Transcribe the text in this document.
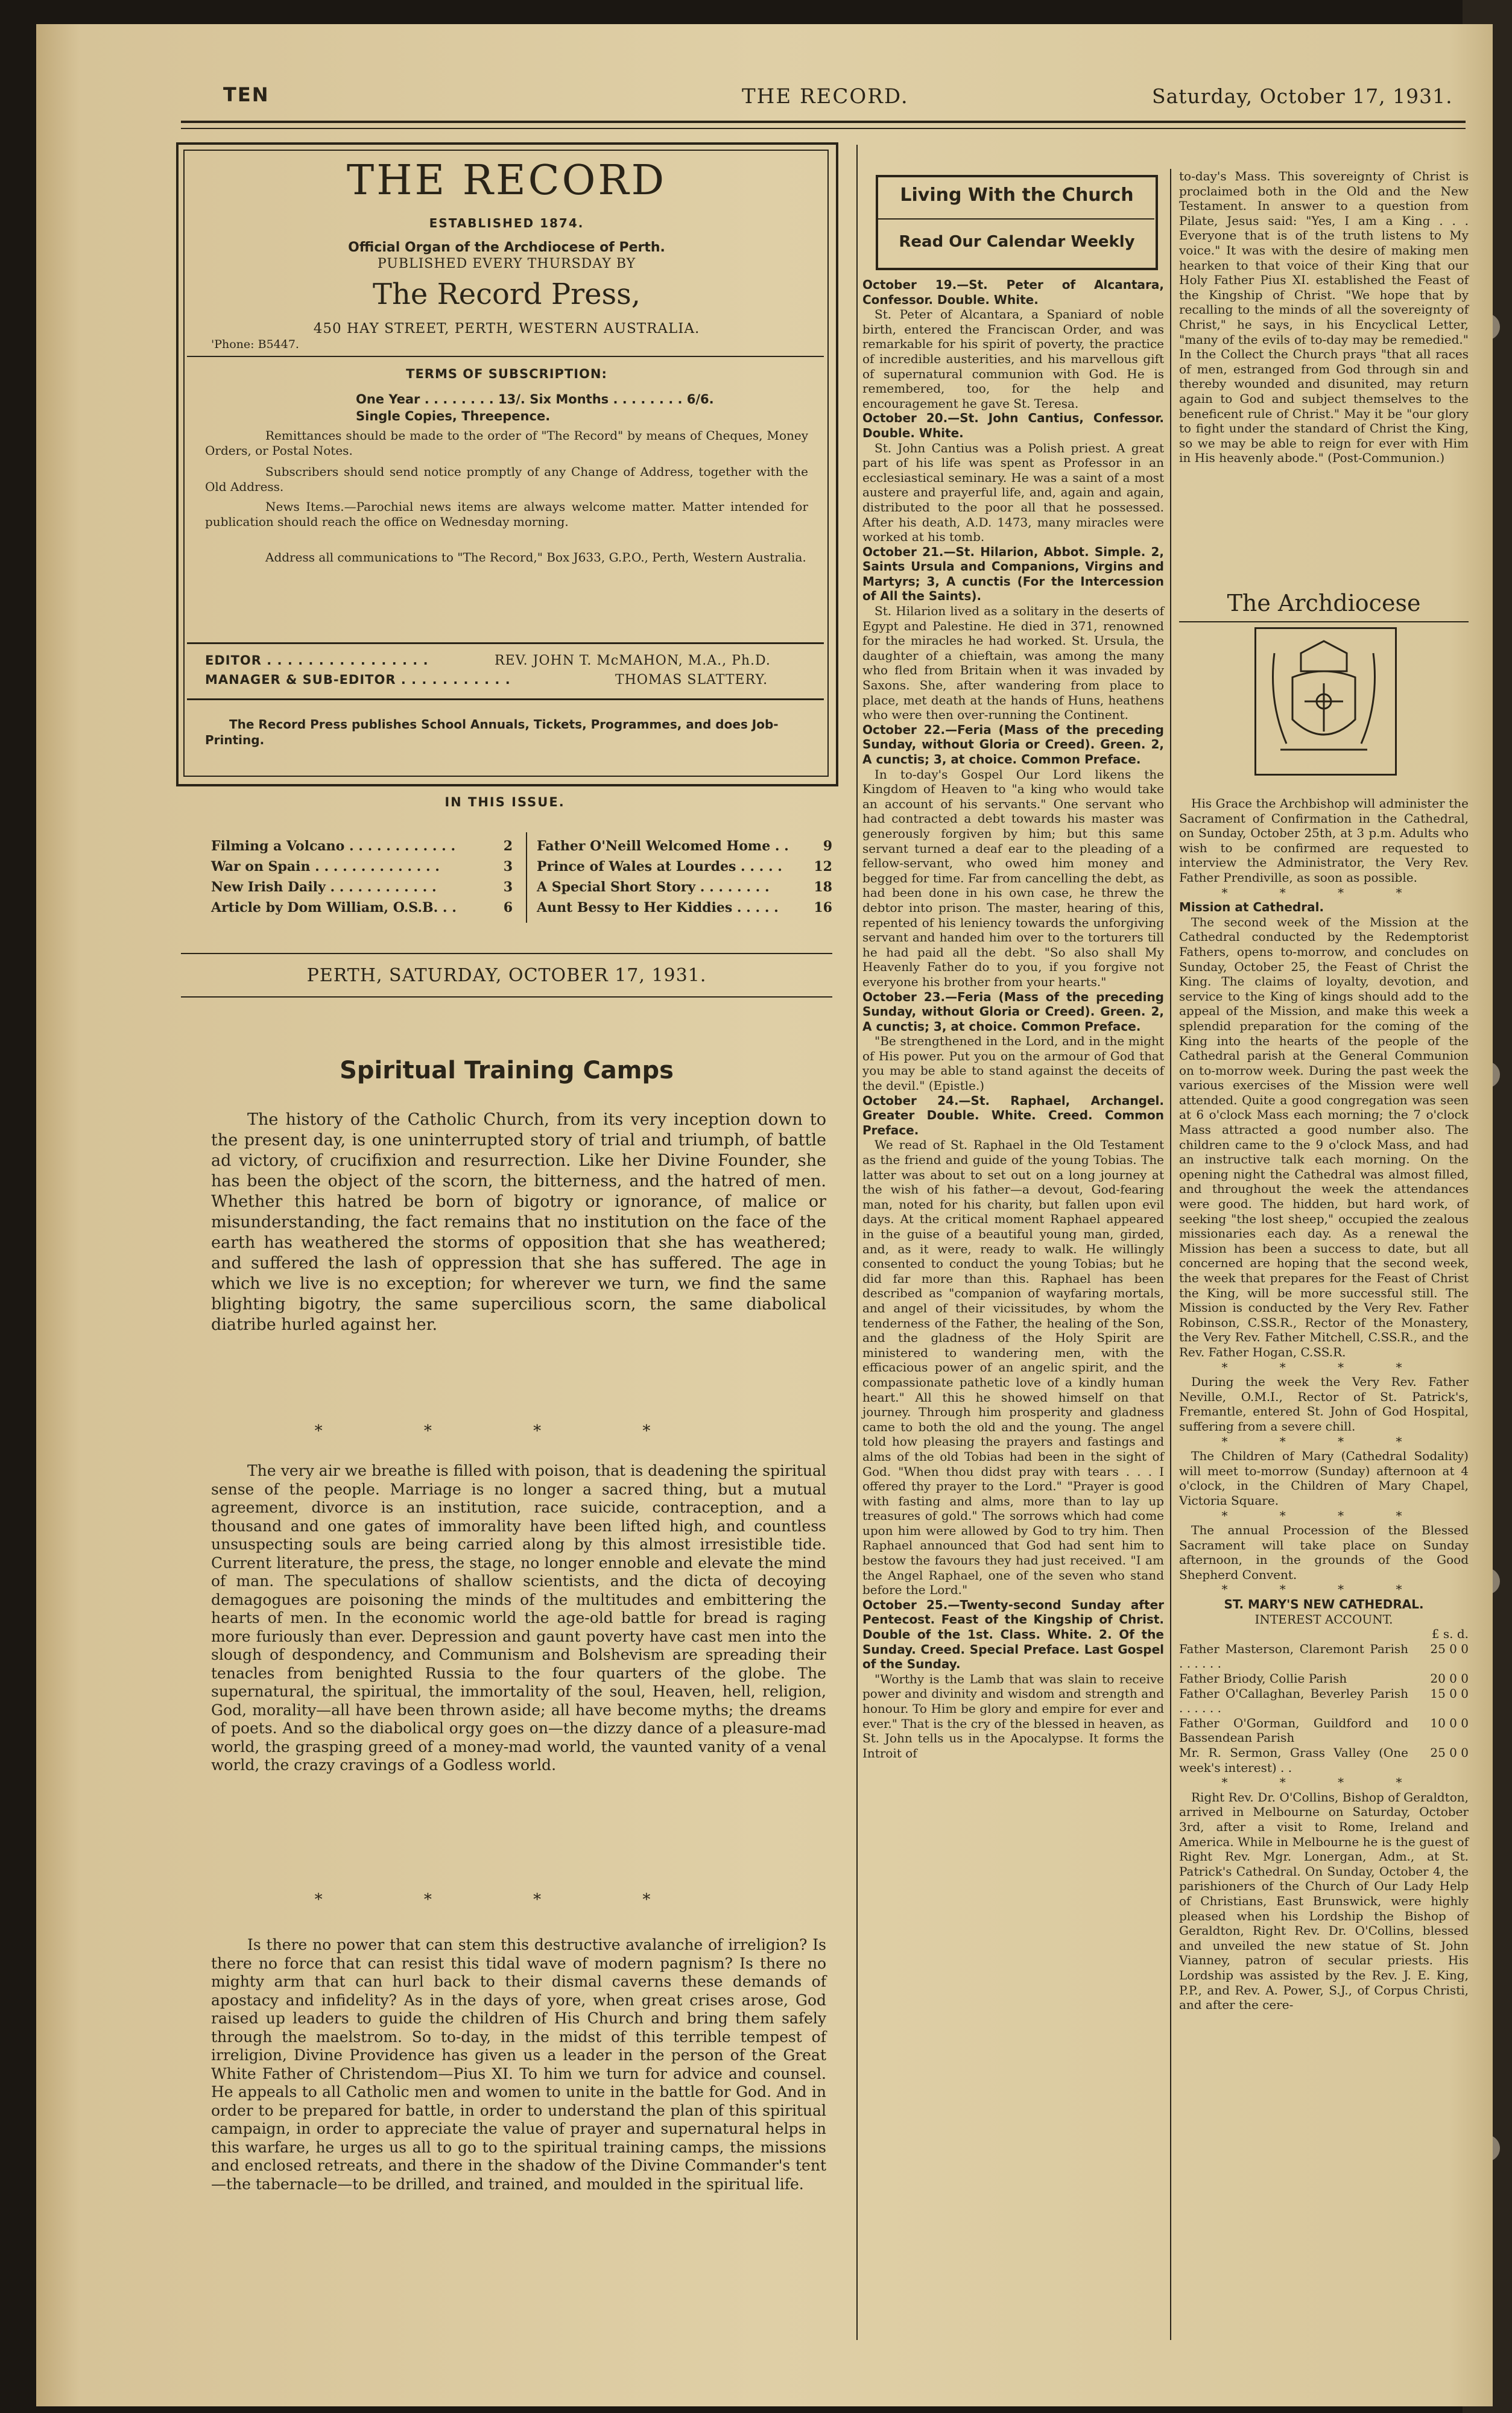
TEN	THE RECORD.	Saturday, October 17, 1931.
THE RECORD
ESTABLISHED 1874.
Official Organ of the Archdiocese of Perth.
PUBLISHED EVERY THURSDAY BY
The Record Press,
450 HAY STREET, PERTH, WESTERN AUSTRALIA.
'Phone: B5447.
TERMS OF SUBSCRIPTION:
One Year . . . . . . . . 13/. Six Months . . . . . . . . 6/6.
Single Copies, Threepence.
Remittances should be made to the order of "The Record" by means of Cheques, Money Orders, or Postal Notes.
Subscribers should send notice promptly of any Change of Address, together with the Old Address.
News Items.—Parochial news items are always welcome matter. Matter intended for publication should reach the office on Wednesday morning.
Address all communications to "The Record," Box J633, G.P.O., Perth, Western Australia.
EDITOR . . . . . . . . . . . . . . . .	REV. JOHN T. McMAHON, M.A., Ph.D.
MANAGER & SUB-EDITOR . . . . . . . . . . .	THOMAS SLATTERY.
The Record Press publishes School Annuals, Tickets, Programmes, and does Job-Printing.
IN THIS ISSUE.
Filming a Volcano . . . . . . . . . . . .	2
War on Spain . . . . . . . . . . . . . .	3
New Irish Daily . . . . . . . . . . . .	3
Article by Dom William, O.S.B. . .	6
Father O'Neill Welcomed Home . .	9
Prince of Wales at Lourdes . . . . . 12
A Special Short Story . . . . . . . .	18
Aunt Bessy to Her Kiddies . . . . .	16
PERTH, SATURDAY, OCTOBER 17, 1931.
Spiritual Training Camps
The history of the Catholic Church, from its very inception down to the present day, is one uninterrupted story of trial and triumph, of battle ad victory, of crucifixion and resurrection. Like her Divine Founder, she has been the object of the scorn, the bitterness, and the hatred of men. Whether this hatred be born of bigotry or ignorance, of malice or misunderstanding, the fact remains that no institution on the face of the earth has weathered the storms of opposition that she has weathered; and suffered the lash of oppression that she has suffered. The age in which we live is no exception; for wherever we turn, we find the same blighting bigotry, the same supercilious scorn, the same diabolical diatribe hurled against her.
* * * *
The very air we breathe is filled with poison, that is deadening the spiritual sense of the people. Marriage is no longer a sacred thing, but a mutual agreement, divorce is an institution, race suicide, contraception, and a thousand and one gates of immorality have been lifted high, and countless unsuspecting souls are being carried along by this almost irresistible tide. Current literature, the press, the stage, no longer ennoble and elevate the mind of man. The speculations of shallow scientists, and the dicta of decoying demagogues are poisoning the minds of the multitudes and embittering the hearts of men. In the economic world the age-old battle for bread is raging more furiously than ever. Depression and gaunt poverty have cast men into the slough of despondency, and Communism and Bolshevism are spreading their tenacles from benighted Russia to the four quarters of the globe. The supernatural, the spiritual, the immortality of the soul, Heaven, hell, religion, God, morality—all have been thrown aside; all have become myths; the dreams of poets. And so the diabolical orgy goes on—the dizzy dance of a pleasure-mad world, the grasping greed of a money-mad world, the vaunted vanity of a venal world, the crazy cravings of a Godless world.
* * * *
Is there no power that can stem this destructive avalanche of irreligion? Is there no force that can resist this tidal wave of modern pagnism? Is there no mighty arm that can hurl back to their dismal caverns these demands of apostacy and infidelity? As in the days of yore, when great crises arose, God raised up leaders to guide the children of His Church and bring them safely through the maelstrom. So to-day, in the midst of this terrible tempest of irreligion, Divine Providence has given us a leader in the person of the Great White Father of Christendom—Pius XI. To him we turn for advice and counsel. He appeals to all Catholic men and women to unite in the battle for God. And in order to be prepared for battle, in order to understand the plan of this spiritual campaign, in order to appreciate the value of prayer and supernatural helps in this warfare, he urges us all to go to the spiritual training camps, the missions and enclosed retreats, and there in the shadow of the Divine Commander's tent—the tabernacle—to be drilled, and trained, and moulded in the spiritual life.
Living With the Church
Read Our Calendar Weekly

October 19.—St. Peter of Alcantara, Confessor. Double. White.

St. Peter of Alcantara, a Spaniard of noble birth, entered the Franciscan Order, and was remarkable for his spirit of poverty, the practice of incredible austerities, and his marvellous gift of supernatural communion with God. He is remembered, too, for the help and encouragement he gave St. Teresa.

October 20.—St. John Cantius, Confessor. Double. White.

St. John Cantius was a Polish priest. A great part of his life was spent as Professor in an ecclesiastical seminary. He was a saint of a most austere and prayerful life, and, again and again, distributed to the poor all that he possessed. After his death, A.D. 1473, many miracles were worked at his tomb.

October 21.—St. Hilarion, Abbot. Simple. 2, Saints Ursula and Companions, Virgins and Martyrs; 3, A cunctis (For the Intercession of All the Saints).

St. Hilarion lived as a solitary in the deserts of Egypt and Palestine. He died in 371, renowned for the miracles he had worked. St. Ursula, the daughter of a chieftain, was among the many who fled from Britain when it was invaded by Saxons. She, after wandering from place to place, met death at the hands of Huns, heathens who were then over-running the Continent.

October 22.—Feria (Mass of the preceding Sunday, without Gloria or Creed). Green. 2, A cunctis; 3, at choice. Common Preface.

In to-day's Gospel Our Lord likens the Kingdom of Heaven to "a king who would take an account of his servants." One servant who had contracted a debt towards his master was generously forgiven by him; but this same servant turned a deaf ear to the pleading of a fellow-servant, who owed him money and begged for time. Far from cancelling the debt, as had been done in his own case, he threw the debtor into prison. The master, hearing of this, repented of his leniency towards the unforgiving servant and handed him over to the torturers till he had paid all the debt. "So also shall My Heavenly Father do to you, if you forgive not everyone his brother from your hearts."

October 23.—Feria (Mass of the preceding Sunday, without Gloria or Creed). Green. 2, A cunctis; 3, at choice. Common Preface.

"Be strengthened in the Lord, and in the might of His power. Put you on the armour of God that you may be able to stand against the deceits of the devil." (Epistle.)

October 24.—St. Raphael, Archangel. Greater Double. White. Creed. Common Preface.

We read of St. Raphael in the Old Testament as the friend and guide of the young Tobias. The latter was about to set out on a long journey at the wish of his father—a devout, God-fearing man, noted for his charity, but fallen upon evil days. At the critical moment Raphael appeared in the guise of a beautiful young man, girded, and, as it were, ready to walk. He willingly consented to conduct the young Tobias; but he did far more than this. Raphael has been described as "companion of wayfaring mortals, and angel of their vicissitudes, by whom the tenderness of the Father, the healing of the Son, and the gladness of the Holy Spirit are ministered to wandering men, with the efficacious power of an angelic spirit, and the compassionate pathetic love of a kindly human heart." All this he showed himself on that journey. Through him prosperity and gladness came to both the old and the young. The angel told how pleasing the prayers and fastings and alms of the old Tobias had been in the sight of God. "When thou didst pray with tears . . . I offered thy prayer to the Lord." "Prayer is good with fasting and alms, more than to lay up treasures of gold." The sorrows which had come upon him were allowed by God to try him. Then Raphael announced that God had sent him to bestow the favours they had just received. "I am the Angel Raphael, one of the seven who stand before the Lord."

October 25.—Twenty-second Sunday after Pentecost. Feast of the Kingship of Christ. Double of the 1st. Class. White. 2. Of the Sunday. Creed. Special Preface. Last Gospel of the Sunday.

"Worthy is the Lamb that was slain to receive power and divinity and wisdom and strength and honour. To Him be glory and empire for ever and ever." That is the cry of the blessed in heaven, as St. John tells us in the Apocalypse. It forms the Introit of

to-day's Mass. This sovereignty of Christ is proclaimed both in the Old and the New Testament. In answer to a question from Pilate, Jesus said: "Yes, I am a King . . . Everyone that is of the truth listens to My voice." It was with the desire of making men hearken to that voice of their King that our Holy Father Pius XI. established the Feast of the Kingship of Christ. "We hope that by recalling to the minds of all the sovereignty of Christ," he says, in his Encyclical Letter, "many of the evils of to-day may be remedied." In the Collect the Church prays "that all races of men, estranged from God through sin and thereby wounded and disunited, may return again to God and subject themselves to the beneficent rule of Christ." May it be "our glory to fight under the standard of Christ the King, so we may be able to reign for ever with Him in His heavenly abode." (Post-Communion.)
The Archdiocese

His Grace the Archbishop will administer the Sacrament of Confirmation in the Cathedral, on Sunday, October 25th, at 3 p.m. Adults who wish to be confirmed are requested to interview the Administrator, the Very Rev. Father Prendiville, as soon as possible.

* * * *

Mission at Cathedral.

The second week of the Mission at the Cathedral conducted by the Redemptorist Fathers, opens to-morrow, and concludes on Sunday, October 25, the Feast of Christ the King. The claims of loyalty, devotion, and service to the King of kings should add to the appeal of the Mission, and make this week a splendid preparation for the coming of the King into the hearts of the people of the Cathedral parish at the General Communion on to-morrow week. During the past week the various exercises of the Mission were well attended. Quite a good congregation was seen at 6 o'clock Mass each morning; the 7 o'clock Mass attracted a good number also. The children came to the 9 o'clock Mass, and had an instructive talk each morning. On the opening night the Cathedral was almost filled, and throughout the week the attendances were good. The hidden, but hard work, of seeking "the lost sheep," occupied the zealous missionaries each day. As a renewal the Mission has been a success to date, but all concerned are hoping that the second week, the week that prepares for the Feast of Christ the King, will be more successful still. The Mission is conducted by the Very Rev. Father Robinson, C.SS.R., Rector of the Monastery, the Very Rev. Father Mitchell, C.SS.R., and the Rev. Father Hogan, C.SS.R.

* * * *

During the week the Very Rev. Father Neville, O.M.I., Rector of St. Patrick's, Fremantle, entered St. John of God Hospital, suffering from a severe chill.

* * * *

The Children of Mary (Cathedral Sodality) will meet to-morrow (Sunday) afternoon at 4 o'clock, in the Children of Mary Chapel, Victoria Square.

* * * *

The annual Procession of the Blessed Sacrament will take place on Sunday afternoon, in the grounds of the Good Shepherd Convent.

* * * *

ST. MARY'S NEW CATHEDRAL.

INTEREST ACCOUNT.

£ s. d.

Father Masterson, Claremont Parish . . . . . .
25 0 0
Father Briody, Collie Parish	20 0 0
Father O'Callaghan, Beverley Parish . . . . . .
15 0 0
Father O'Gorman, Guildford and Bassendean Parish
10 0 0
Mr. R. Sermon, Grass Valley (One week's interest) . .
25 0 0

* * * *

Right Rev. Dr. O'Collins, Bishop of Geraldton, arrived in Melbourne on Saturday, October 3rd, after a visit to Rome, Ireland and America. While in Melbourne he is the guest of Right Rev. Mgr. Lonergan, Adm., at St. Patrick's Cathedral. On Sunday, October 4, the parishioners of the Church of Our Lady Help of Christians, East Brunswick, were highly pleased when his Lordship the Bishop of Geraldton, Right Rev. Dr. O'Collins, blessed and unveiled the new statue of St. John Vianney, patron of secular priests. His Lordship was assisted by the Rev. J. E. King, P.P., and Rev. A. Power, S.J., of Corpus Christi, and after the cere-
